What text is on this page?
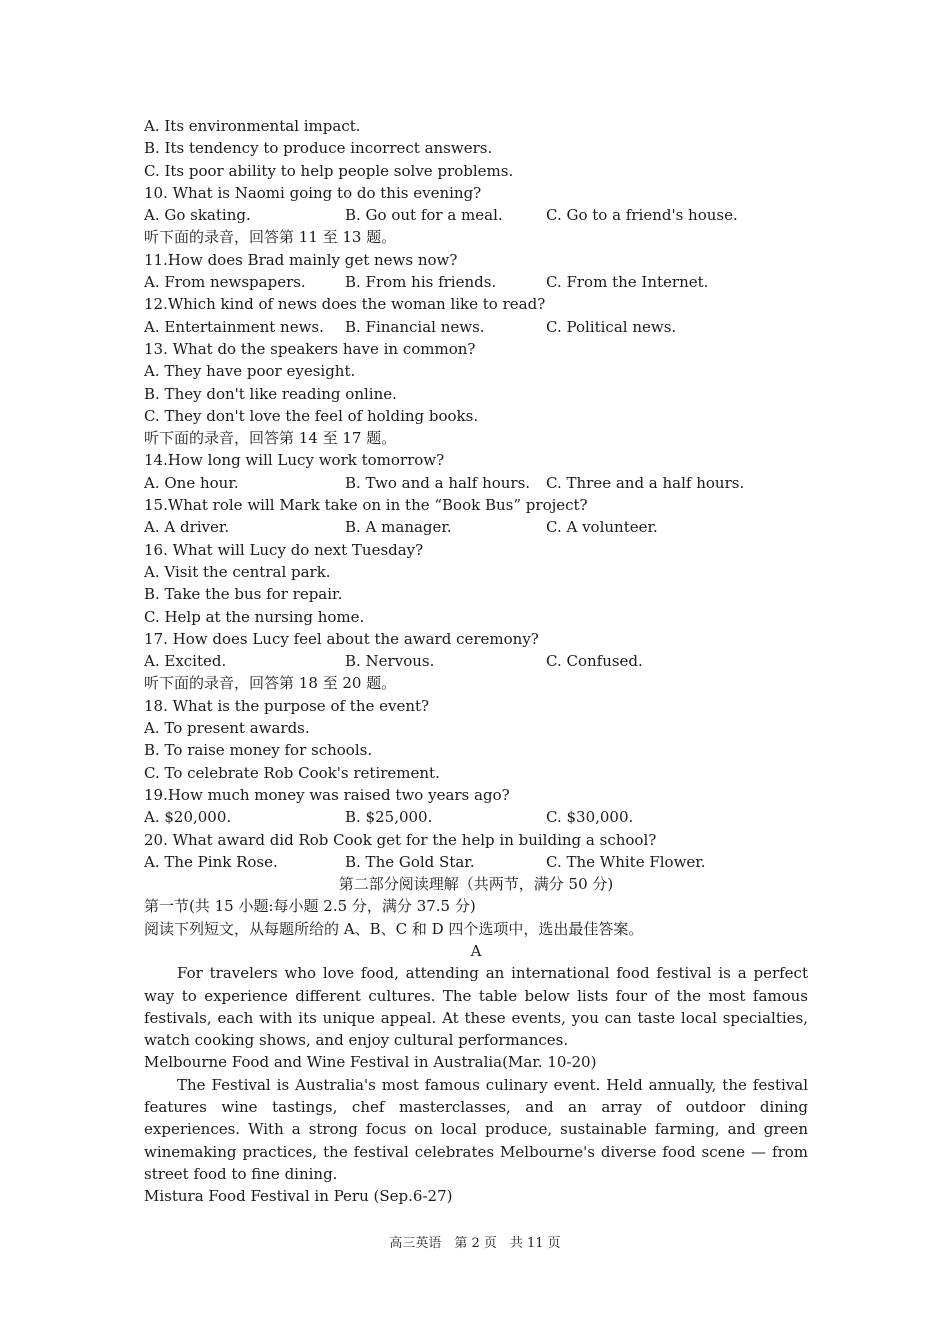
A. Its environmental impact.
B. Its tendency to produce incorrect answers.
C. Its poor ability to help people solve problems.
10. What is Naomi going to do this evening?
A. Go skating.	B. Go out for a meal.	C. Go to a friend's house.
听下面的录音，回答第 11 至 13 题。
11.How does Brad mainly get news now?
A. From newspapers.	B. From his friends.	C. From the Internet.
12.Which kind of news does the woman like to read?
A. Entertainment news.	B. Financial news.	C. Political news.
13. What do the speakers have in common?
A. They have poor eyesight.
B. They don't like reading online.
C. They don't love the feel of holding books.
听下面的录音，回答第 14 至 17 题。
14.How long will Lucy work tomorrow?
A. One hour.	B. Two and a half hours.	C. Three and a half hours.
15.What role will Mark take on in the “Book Bus” project?
A. A driver.	B. A manager.	C. A volunteer.
16. What will Lucy do next Tuesday?
A. Visit the central park.
B. Take the bus for repair.
C. Help at the nursing home.
17. How does Lucy feel about the award ceremony?
A. Excited.	B. Nervous.	C. Confused.
听下面的录音，回答第 18 至 20 题。
18. What is the purpose of the event?
A. To present awards.
B. To raise money for schools.
C. To celebrate Rob Cook's retirement.
19.How much money was raised two years ago?
A. $20,000.	B. $25,000.	C. $30,000.
20. What award did Rob Cook get for the help in building a school?
A. The Pink Rose.	B. The Gold Star.	C. The White Flower.
第二部分阅读理解（共两节，满分 50 分)
第一节(共 15 小题:每小题 2.5 分，满分 37.5 分)
阅读下列短文，从每题所给的 A、B、C 和 D 四个选项中，选出最佳答案。
A

For travelers who love food, attending an international food festival is a perfect way to experience different cultures. The table below lists four of the most famous festivals, each with its unique appeal. At these events, you can taste local specialties, watch cooking shows, and enjoy cultural performances.

Melbourne Food and Wine Festival in Australia(Mar. 10-20)

The Festival is Australia's most famous culinary event. Held annually, the festival features wine tastings, chef masterclasses, and an array of outdoor dining experiences. With a strong focus on local produce, sustainable farming, and green winemaking practices, the festival celebrates Melbourne's diverse food scene — from street food to fine dining.

Mistura Food Festival in Peru (Sep.6-27)
高三英语　第 2 页　共 11 页
